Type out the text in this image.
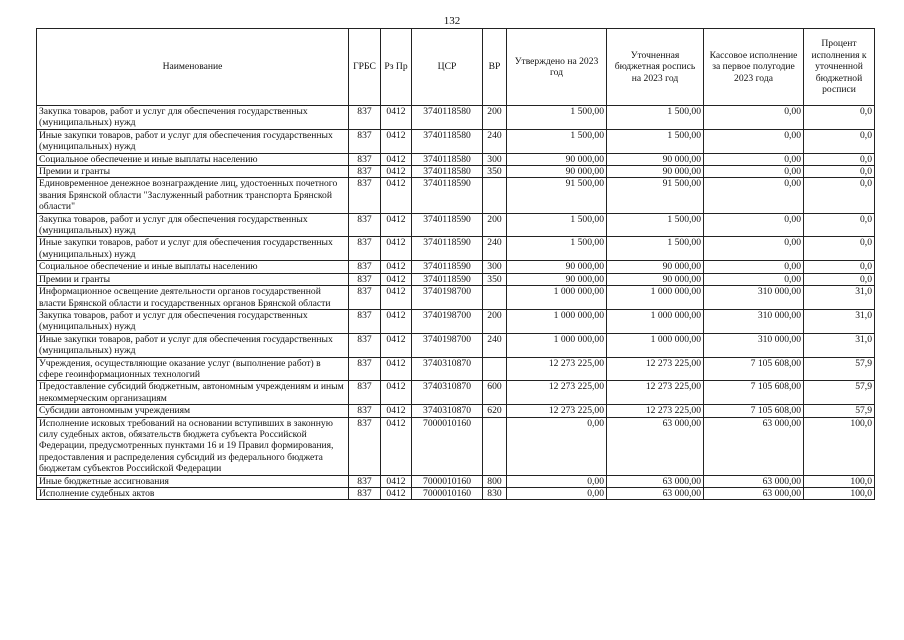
132
Наименование	ГРБС	Рз Пр	ЦСР	ВР	Утверждено на 2023 год	Уточненная бюджетная роспись на 2023 год	Кассовое исполнение за первое полугодие 2023 года	Процент исполнения к уточненной бюджетной росписи
Закупка товаров, работ и услуг для обеспечения государственных (муниципальных) нужд	837	0412	3740118580	200	1 500,00	1 500,00	0,00	0,0
Иные закупки товаров, работ и услуг для обеспечения государственных (муниципальных) нужд	837	0412	3740118580	240	1 500,00	1 500,00	0,00	0,0
Социальное обеспечение и иные выплаты населению	837	0412	3740118580	300	90 000,00	90 000,00	0,00	0,0
Премии и гранты	837	0412	3740118580	350	90 000,00	90 000,00	0,00	0,0
Единовременное денежное вознаграждение лиц, удостоенных почетного звания Брянской области "Заслуженный работник транспорта Брянской области"	837	0412	3740118590		91 500,00	91 500,00	0,00	0,0
Закупка товаров, работ и услуг для обеспечения государственных (муниципальных) нужд	837	0412	3740118590	200	1 500,00	1 500,00	0,00	0,0
Иные закупки товаров, работ и услуг для обеспечения государственных (муниципальных) нужд	837	0412	3740118590	240	1 500,00	1 500,00	0,00	0,0
Социальное обеспечение и иные выплаты населению	837	0412	3740118590	300	90 000,00	90 000,00	0,00	0,0
Премии и гранты	837	0412	3740118590	350	90 000,00	90 000,00	0,00	0,0
Информационное освещение деятельности органов государственной власти Брянской области и государственных органов Брянской области	837	0412	3740198700		1 000 000,00	1 000 000,00	310 000,00	31,0
Закупка товаров, работ и услуг для обеспечения государственных (муниципальных) нужд	837	0412	3740198700	200	1 000 000,00	1 000 000,00	310 000,00	31,0
Иные закупки товаров, работ и услуг для обеспечения государственных (муниципальных) нужд	837	0412	3740198700	240	1 000 000,00	1 000 000,00	310 000,00	31,0
Учреждения, осуществляющие оказание услуг (выполнение работ) в сфере геоинформационных технологий	837	0412	3740310870		12 273 225,00	12 273 225,00	7 105 608,00	57,9
Предоставление субсидий бюджетным, автономным учреждениям и иным некоммерческим организациям	837	0412	3740310870	600	12 273 225,00	12 273 225,00	7 105 608,00	57,9
Субсидии автономным учреждениям	837	0412	3740310870	620	12 273 225,00	12 273 225,00	7 105 608,00	57,9
Исполнение исковых требований на основании вступивших в законную силу судебных актов, обязательств бюджета субъекта Российской Федерации, предусмотренных пунктами 16 и 19 Правил формирования, предоставления и распределения субсидий из федерального бюджета бюджетам субъектов Российской Федерации	837	0412	7000010160		0,00	63 000,00	63 000,00	100,0
Иные бюджетные ассигнования	837	0412	7000010160	800	0,00	63 000,00	63 000,00	100,0
Исполнение судебных актов	837	0412	7000010160	830	0,00	63 000,00	63 000,00	100,0
